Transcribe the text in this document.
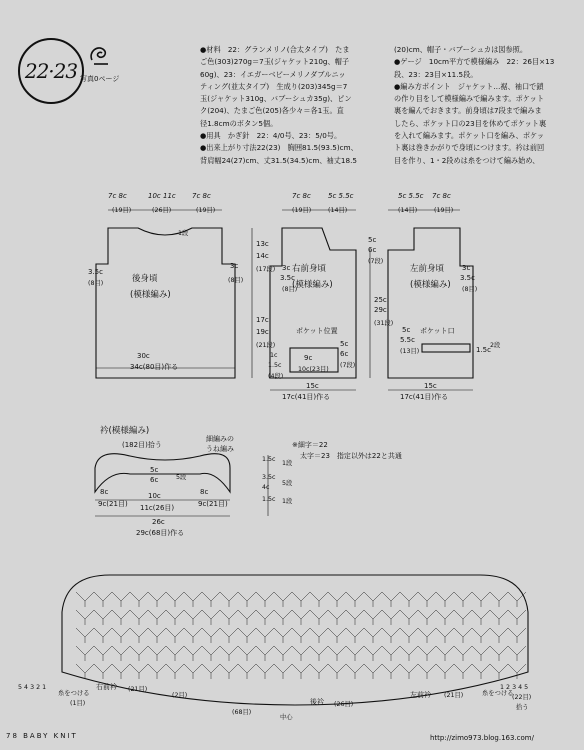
22·23 写真0ページ

●材料　22：グランメリノ(合太タイプ)　たま

ご色(303)270g＝7玉(ジャケット210g、帽子

60g)、23：イエガーベビーメリノダブルニッ

ティング(並太タイプ)　生成り(203)345g＝7

玉(ジャケット310g、バブーシュカ35g)、ピン

ク(204)、たまご色(205)各少々＝各1玉。直

径1.8cmのボタン5個。

●用具　かぎ針　22：4/0号、23：5/0号。

●出来上がり寸法22(23)　胸囲81.5(93.5)cm、

背肩幅24(27)cm、丈31.5(34.5)cm、袖丈18.5

(20)cm、帽子・バブーシュカは図参照。

●ゲージ　10cm平方で模様編み　22：26目×13

段、23：23目×11.5段。

●編み方ポイント　ジャケット…裾、袖口で鎖

の作り目をして模様編みで編みます。ポケット

裏を編んでおきます。前身頃は7段まで編みま

したら、ポケット口の23目を休めてポケット裏

を入れて編みます。ポケット口を編み、ポケッ

ト裏は巻きかがりで身頃につけます。衿は前回

目を作り、1・2段めは糸をつけて編み始め、

7c 8c
(19目)
10c 11c
(26目)
7c 8c
(19目)
1段
3.5c
(8目)	後身頃
(模様編み)
3c
(8目)
13c
14c
(17段)
17c
19c
(21段)
30c
34c(80目)作る
7c 8c
(19目)
5c 5.5c
(14目)
3c
3.5c
(8目)
右前身頃
(模様編み)
5c
6c
(7段)
25c
29c
(31段)
ポケット位置
9c
10c(23目)
1c
1.5c
(4段)
5c
6c
(7段)
15c
17c(41目)作る
5c 5.5c
(14目)
7c 8c
(19目)
3c
3.5c
(8目)
左前身頃
(模様編み)
ポケット口
5c
5.5c
(13目)	1.5c
2段
15c
17c(41目)作る
衿(模様編み)
(182目)拾う
細編みの
うね編み
5c
6c	5段
8c
9c(21目)
10c
11c(26目)
8c
9c(21目)
1.5c
3.5c
4c
1段
5段
1.5c 1段
26c
29c(68目)作る
※細字＝22
太字＝23　指定以外は22と共通
右前衿 (21目)
糸をつける
後衿 (26目)
中心
(68目)
左前衿 (21目)	糸をつける
(22目)
拾う
(1目)
(2目)
5 4 3 2 1	1 2 3 4 5
78 BABY KNIT	http://zimo973.blog.163.com/
